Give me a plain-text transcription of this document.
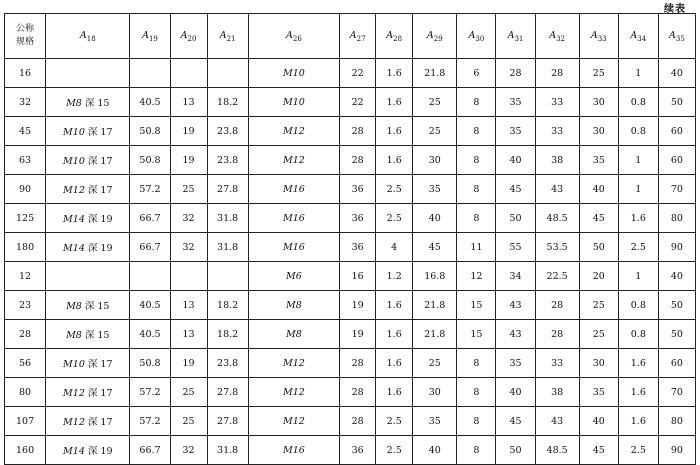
续表
公称
规格	$A_{18}$	$A_{19}$	$A_{20}$	$A_{21}$	$A_{26}$	$A_{27}$	$A_{28}$	$A_{29}$	$A_{30}$	$A_{31}$	$A_{32}$	$A_{33}$	$A_{34}$	$A_{35}$
16					M10	22	1.6	21.8	6	28	28	25	1	40
32	M8 深 15	40.5	13	18.2	M10	22	1.6	25	8	35	33	30	0.8	50
45	M10 深 17	50.8	19	23.8	M12	28	1.6	25	8	35	33	30	0.8	60
63	M10 深 17	50.8	19	23.8	M12	28	1.6	30	8	40	38	35	1	60
90	M12 深 17	57.2	25	27.8	M16	36	2.5	35	8	45	43	40	1	70
125	M14 深 19	66.7	32	31.8	M16	36	2.5	40	8	50	48.5	45	1.6	80
180	M14 深 19	66.7	32	31.8	M16	36	4	45	11	55	53.5	50	2.5	90
12					M6	16	1.2	16.8	12	34	22.5	20	1	40
23	M8 深 15	40.5	13	18.2	M8	19	1.6	21.8	15	43	28	25	0.8	50
28	M8 深 15	40.5	13	18.2	M8	19	1.6	21.8	15	43	28	25	0.8	50
56	M10 深 17	50.8	19	23.8	M12	28	1.6	25	8	35	33	30	1.6	60
80	M12 深 17	57.2	25	27.8	M12	28	1.6	30	8	40	38	35	1.6	70
107	M12 深 17	57.2	25	27.8	M12	28	2.5	35	8	45	43	40	1.6	80
160	M14 深 19	66.7	32	31.8	M16	36	2.5	40	8	50	48.5	45	2.5	90
